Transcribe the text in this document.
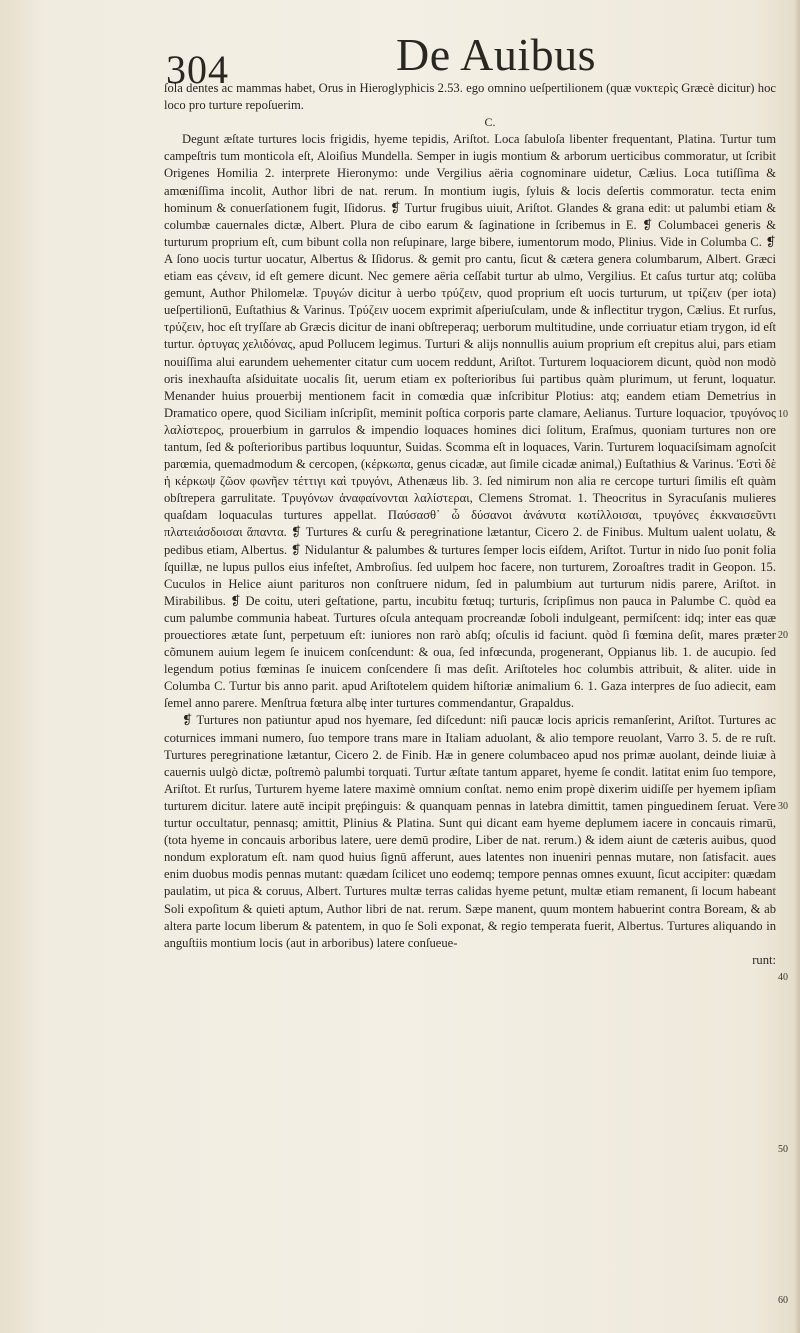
304	De Auibus

ſola dentes ac mammas habet, Orus in Hieroglyphicis 2.53. ego omnino ueſpertilionem (quæ νυκτερὶς Græcè dicitur) hoc loco pro turture repoſuerim.

C.

Degunt æſtate turtures locis frigidis, hyeme tepidis, Ariſtot. Loca ſabuloſa libenter frequentant, Platina. Turtur tum campeſtris tum monticola eſt, Aloiſius Mundella. Semper in iugis montium & arborum uerticibus commoratur, ut ſcribit Origenes Homilia 2. interprete Hieronymo: unde Vergilius aëria cognominare uidetur, Cælius. Loca tutiſſima & amœniſſima incolit, Author libri de nat. rerum. In montium iugis, ſyluis & locis deſertis commoratur. tecta enim hominum & conuerſationem fugit, Iſidorus. ❡ Turtur frugibus uiuit, Ariſtot. Glandes & grana edit: ut palumbi etiam & columbæ cauernales dictæ, Albert. Plura de cibo earum & ſaginatione in ſcribemus in E. ❡ Columbacei generis & turturum proprium eſt, cum bibunt colla non reſupinare, large bibere, iumentorum modo, Plinius. Vide in Columba C. ❡ A ſono uocis turtur uocatur, Albertus & Iſidorus. & gemit pro cantu, ſicut & cætera genera columbarum, Albert. Græci etiam eas ϛένειν, id eſt gemere dicunt. Nec gemere aëria ceſſabit turtur ab ulmo, Vergilius. Et caſus turtur atq; colūba gemunt, Author Philomelæ. Τρυγών dicitur à uerbo τρύζειν, quod proprium eſt uocis turturum, ut τρίζειν (per iota) ueſpertilionū, Euſtathius & Varinus. Τρύζειν uocem exprimit aſperiuſculam, unde & inflectitur trygon, Cælius. Et rurſus, τρύζειν, hoc eſt tryſſare ab Græcis dicitur de inani obſtreperaq; uerborum multitudine, unde corriuatur etiam trygon, id eſt turtur. ὀρτυγας χελιδόνας, apud Pollucem legimus. Turturi & alijs nonnullis auium proprium eſt crepitus alui, pars etiam nouiſſima alui earundem uehementer citatur cum uocem reddunt, Ariſtot. Turturem loquaciorem dicunt, quòd non modò oris inexhauſta aſsiduitate uocalis ſit, uerum etiam ex poſterioribus ſui partibus quàm plurimum, ut ferunt, loquatur. Menander huius prouerbij mentionem facit in comœdia quæ inſcribitur Plotius: atq; eandem etiam Demetrius in Dramatico opere, quod Siciliam inſcripſit, meminit poſtica corporis parte clamare, Aelianus. Turture loquacior, τρυγόνος λαλίστερος, prouerbium in garrulos & impendio loquaces homines dici ſolitum, Eraſmus, quoniam turtures non ore tantum, ſed & poſterioribus partibus loquuntur, Suidas. Scomma eſt in loquaces, Varin. Turturem loquaciſsimam agnoſcit parœmia, quemadmodum & cercopen, (κέρκωπα, genus cicadæ, aut ſimile cicadæ animal,) Euſtathius & Varinus. Ἐστὶ δὲ ἡ κέρκωψ ζῶον φωνῆεν τέττιγι καὶ τρυγόνι, Athenæus lib. 3. ſed nimirum non alia re cercope turturi ſimilis eſt quàm obſtrepera garrulitate. Τρυγόνων ἀναφαίνονται λαλίστεραι, Clemens Stromat. 1. Theocritus in Syracuſanis mulieres quaſdam loquaculas turtures appellat. Παύσασθ᾽ ὦ δύσανοι ἀνάνυτα κωτίλλοισαι, τρυγόνες ἐκκναισεῦντι πλατειάσδοισαι ἅπαντα. ❡ Turtures & curſu & peregrinatione lætantur, Cicero 2. de Finibus. Multum ualent uolatu, & pedibus etiam, Albertus. ❡ Nidulantur & palumbes & turtures ſemper locis eiſdem, Ariſtot. Turtur in nido ſuo ponit folia ſquillæ, ne lupus pullos eius infeſtet, Ambroſius. ſed uulpem hoc facere, non turturem, Zoroaſtres tradit in Geopon. 15. Cuculos in Helice aiunt parituros non conſtruere nidum, ſed in palumbium aut turturum nidis parere, Ariſtot. in Mirabilibus. ❡ De coitu, uteri geſtatione, partu, incubitu fœtuq; turturis, ſcripſimus non pauca in Palumbe C. quòd ea cum palumbe communia habeat. Turtures oſcula antequam procreandæ ſoboli indulgeant, permiſcent: idq; inter eas quæ prouectiores ætate ſunt, perpetuum eſt: iuniores non rarò abſq; oſculis id faciunt. quòd ſi fœmina deſit, mares præter cõmunem auium legem ſe inuicem conſcendunt: & oua, ſed infœcunda, progenerant, Oppianus lib. 1. de aucupio. ſed legendum potius fœminas ſe inuicem conſcendere ſi mas deſit. Ariſtoteles hoc columbis attribuit, & aliter. uide in Columba C. Turtur bis anno parit. apud Ariſtotelem quidem hiſtoriæ animalium 6. 1. Gaza interpres de ſuo adiecit, eam ſemel anno parere. Menſtrua fœtura albę inter turtures commendantur, Grapaldus.

❡ Turtures non patiuntur apud nos hyemare, ſed diſcedunt: niſi paucæ locis apricis remanſerint, Ariſtot. Turtures ac coturnices immani numero, ſuo tempore trans mare in Italiam aduolant, & alio tempore reuolant, Varro 3. 5. de re ruſt. Turtures peregrinatione lætantur, Cicero 2. de Finib. Hæ in genere columbaceo apud nos primæ auolant, deinde liuiæ à cauernis uulgò dictæ, poſtremò palumbi torquati. Turtur æſtate tantum apparet, hyeme ſe condit. latitat enim ſuo tempore, Ariſtot. Et rurſus, Turturem hyeme latere maximè omnium conſtat. nemo enim propè dixerim uidiſſe per hyemem ipſiam turturem dicitur. latere autē incipit pręṕinguis: & quanquam pennas in latebra dimittit, tamen pinguedinem ſeruat. Vere turtur occultatur, pennasq; amittit, Plinius & Platina. Sunt qui dicant eam hyeme deplumem iacere in concauis rimarū, (tota hyeme in concauis arboribus latere, uere demū prodire, Liber de nat. rerum.) & idem aiunt de cæteris auibus, quod nondum exploratum eſt. nam quod huius ſignū afferunt, aues latentes non inueniri pennas mutare, non ſatisfacit. aues enim duobus modis pennas mutant: quædam ſcilicet uno eodemq; tempore pennas omnes exuunt, ſicut accipiter: quædam paulatim, ut pica & coruus, Albert. Turtures multæ terras calidas hyeme petunt, multæ etiam remanent, ſi locum habeant Soli expoſitum & quieti aptum, Author libri de nat. rerum. Sæpe manent, quum montem habuerint contra Boream, & ab altera parte locum liberum & patentem, in quo ſe Soli exponat, & regio temperata fuerit, Albertus. Turtures aliquando in anguſtiis montium locis (aut in arboribus) latere conſueue-

runt:

10
20
30
40
50
60
